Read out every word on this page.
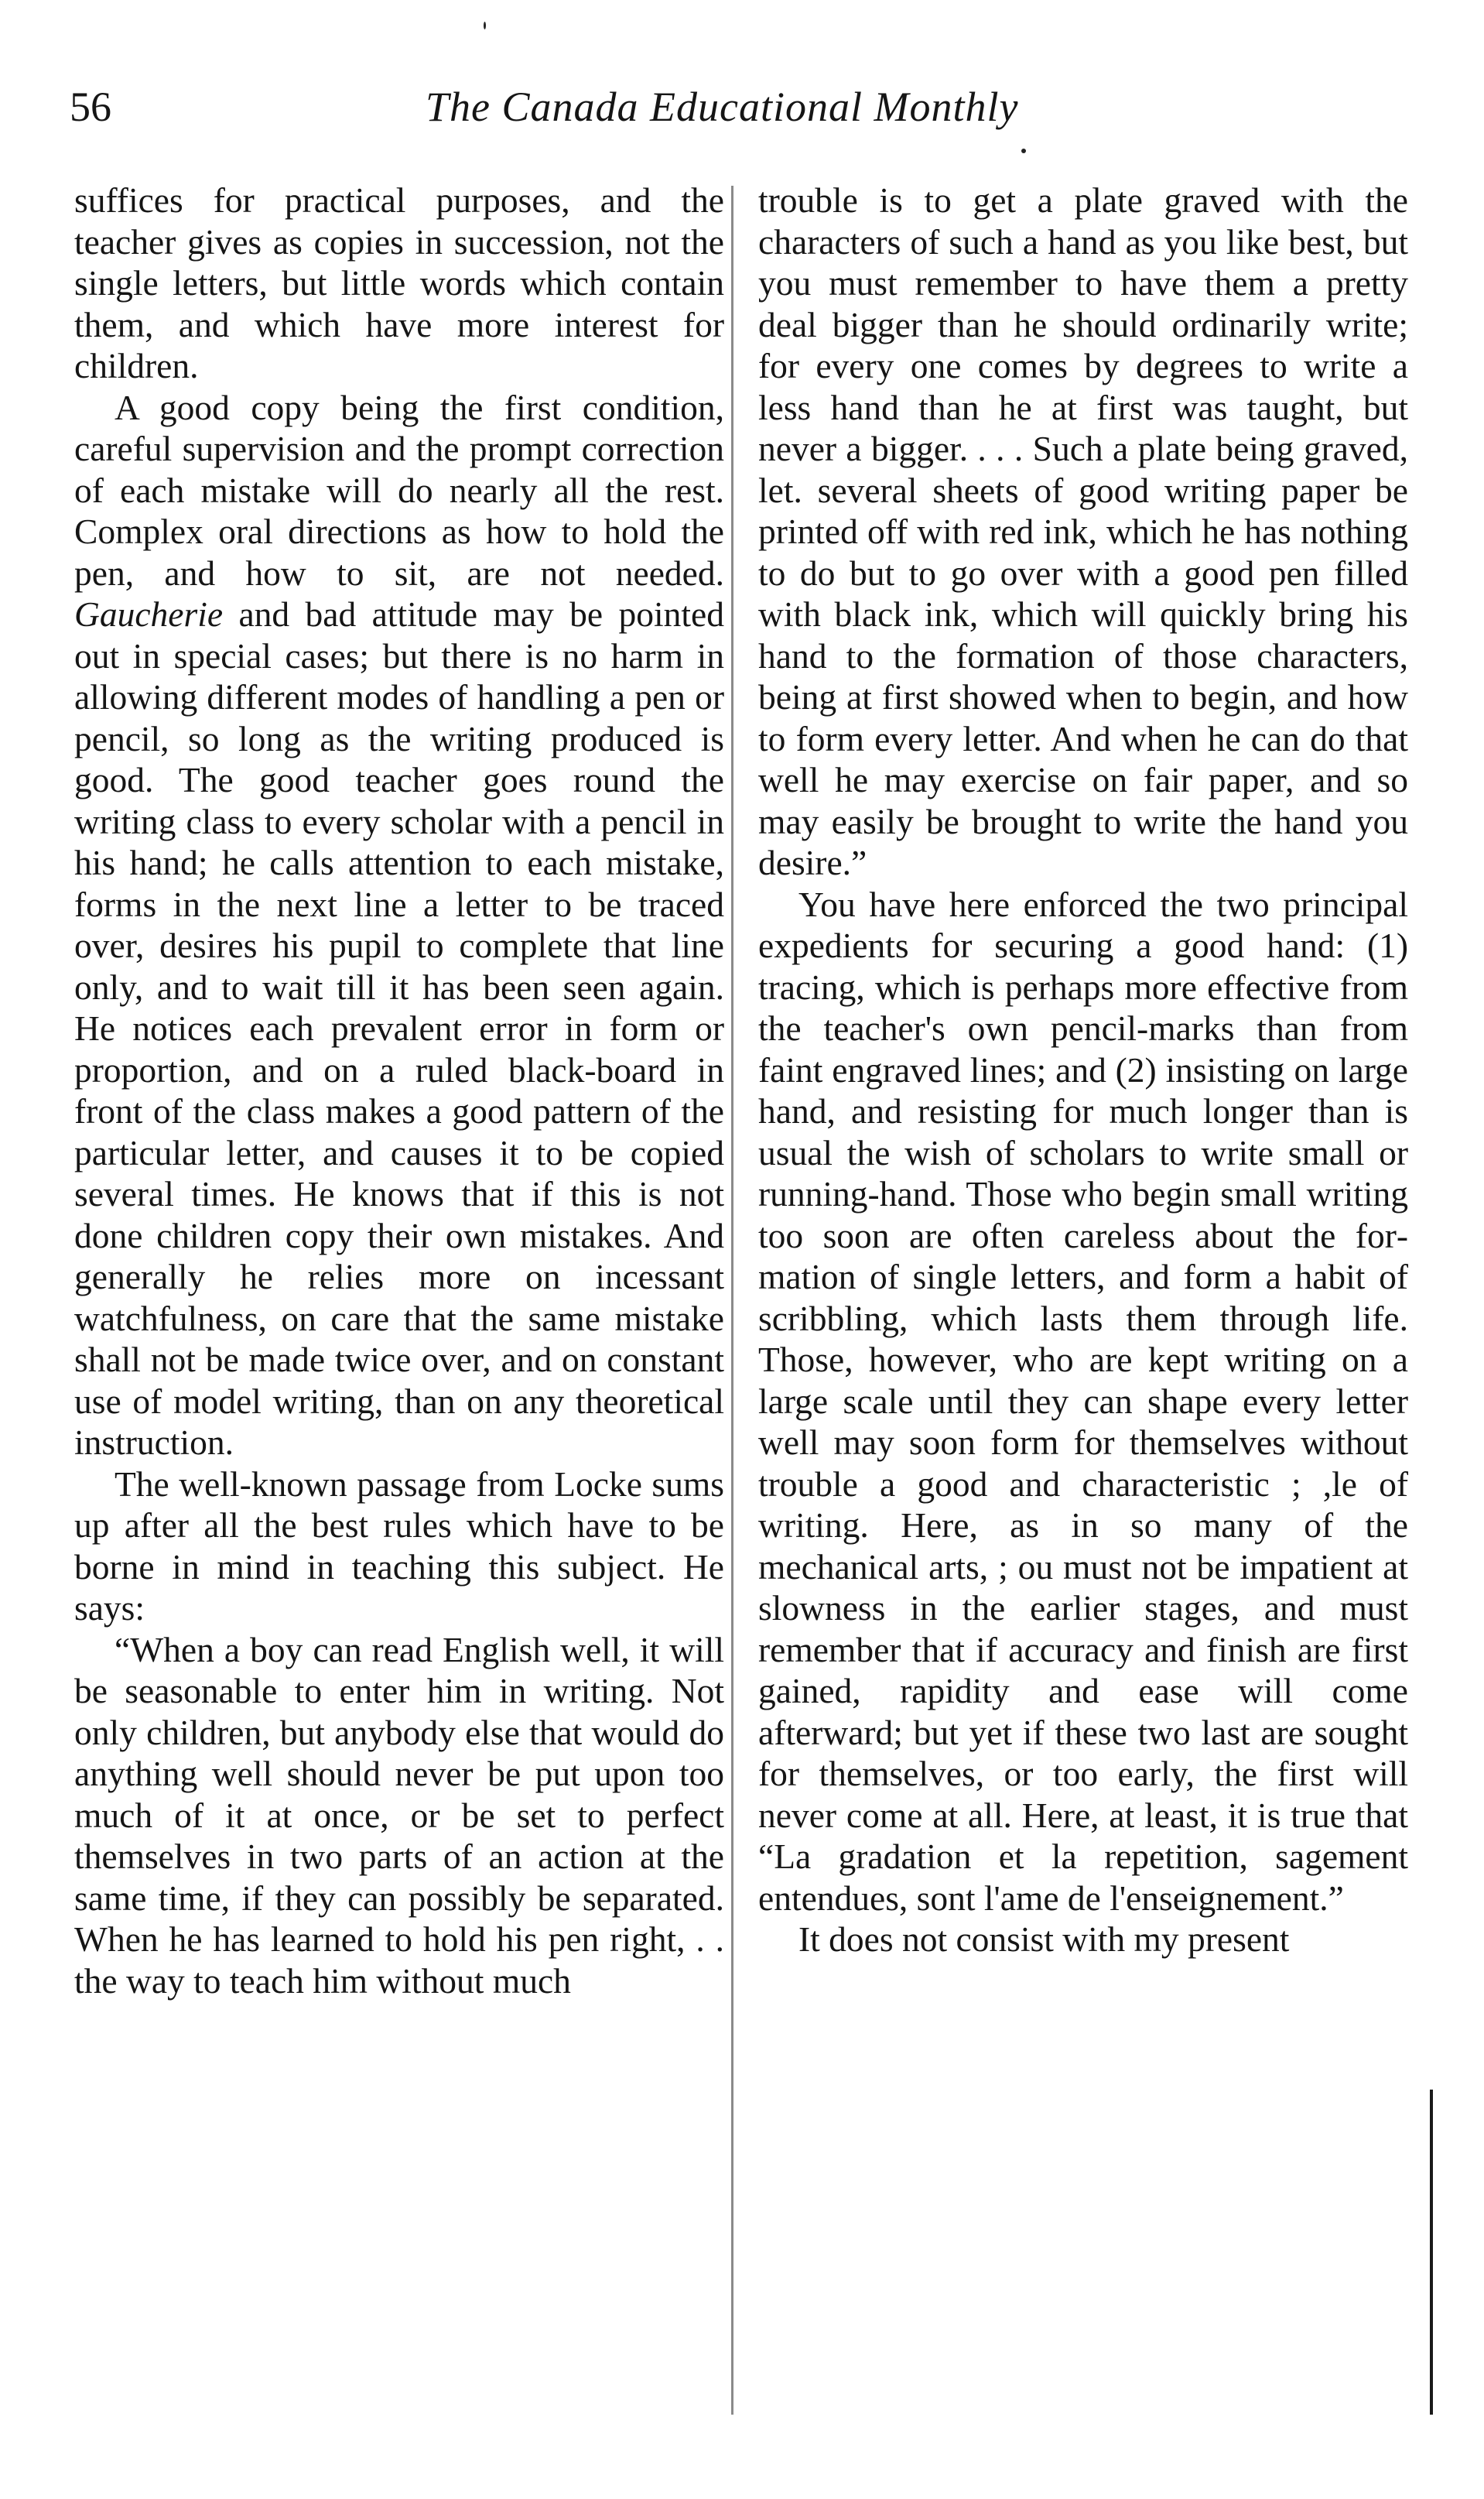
56	The Canada Educational Monthly

suffices for practical purposes, and the teacher gives as copies in succession, not the single letters, but little words which contain them, and which have more interest for children.

A good copy being the first condition, careful supervision and the prompt correction of each mistake will do nearly all the rest. Complex oral directions as how to hold the pen, and how to sit, are not needed. Gaucherie and bad attitude may be pointed out in special cases; but there is no harm in allowing different modes of handling a pen or pencil, so long as the writing produced is good. The good teacher goes round the writing class to every scholar with a pencil in his hand; he calls attention to each mistake, forms in the next line a letter to be traced over, desires his pupil to complete that line only, and to wait till it has been seen again. He notices each prevalent error in form or proportion, and on a ruled black-board in front of the class makes a good pattern of the particular letter, and causes it to be copied several times. He knows that if this is not done children copy their own mistakes. And generally he relies more on incessant watchfulness, on care that the same mistake shall not be made twice over, and on constant use of model writing, than on any theoretical instruction.

The well-known passage from Locke sums up after all the best rules which have to be borne in mind in teaching this subject. He says:

“When a boy can read English well, it will be seasonable to enter him in writing. Not only children, but anybody else that would do anything well should never be put upon too much of it at once, or be set to perfect themselves in two parts of an action at the same time, if they can possibly be separated. When he has learned to hold his pen right, . . the way to teach him without much

trouble is to get a plate graved with the characters of such a hand as you like best, but you must remember to have them a pretty deal bigger than he should ordinarily write; for every one comes by degrees to write a less hand than he at first was taught, but never a bigger. . . . Such a plate being graved, let. several sheets of good writing paper be printed off with red ink, which he has nothing to do but to go over with a good pen filled with black ink, which will quickly bring his hand to the formation of those characters, being at first showed when to begin, and how to form every letter. And when he can do that well he may exercise on fair paper, and so may easily be brought to write the hand you desire.”

You have here enforced the two principal expedients for securing a good hand: (1) tracing, which is perhaps more effective from the teacher's own pencil-marks than from faint engraved lines; and (2) insisting on large hand, and resisting for much longer than is usual the wish of scholars to write small or running-hand. Those who begin small writing too soon are often careless about the formation of single letters, and form a habit of scribbling, which lasts them through life. Those, however, who are kept writing on a large scale until they can shape every letter well may soon form for themselves without trouble a good and characteristic ; ,le of writing. Here, as in so many of the mechanical arts, ; ou must not be impatient at slowness in the earlier stages, and must remember that if accuracy and finish are first gained, rapidity and ease will come afterward; but yet if these two last are sought for themselves, or too early, the first will never come at all. Here, at least, it is true that “La gradation et la repetition, sagement entendues, sont l'ame de l'enseignement.”

It does not consist with my present
